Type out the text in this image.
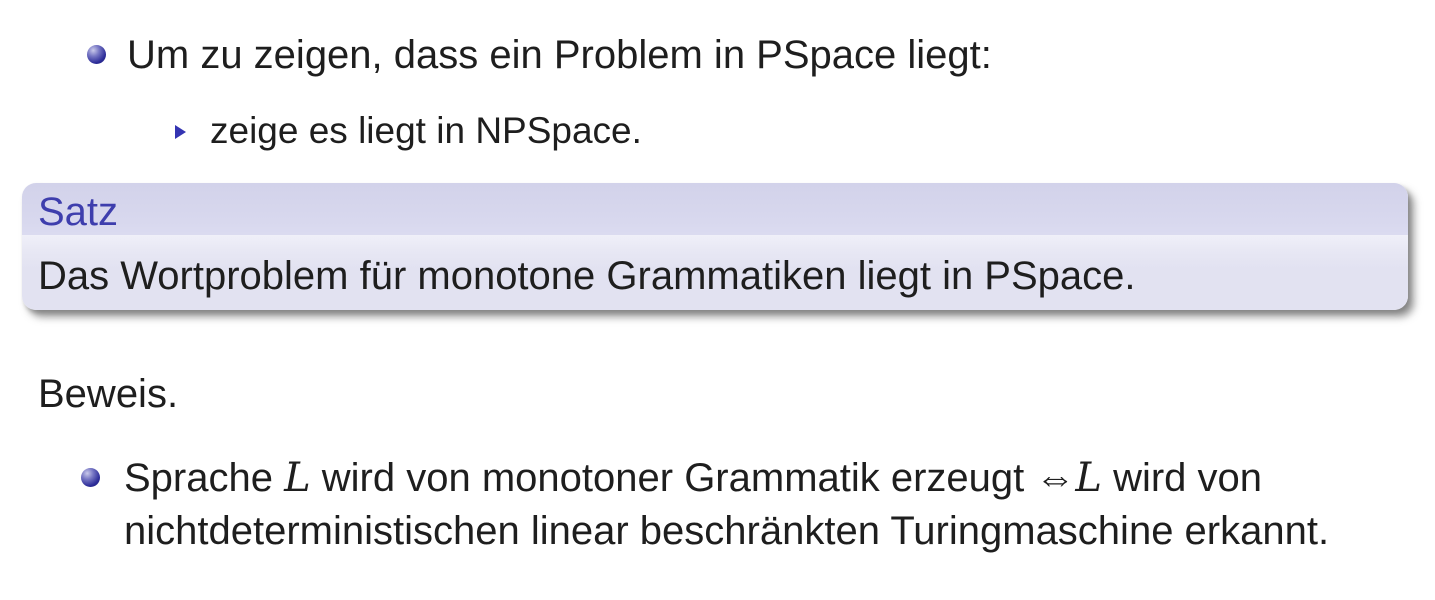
Um zu zeigen, dass ein Problem in PSpace liegt:
zeige es liegt in NPSpace.
Satz
Das Wortproblem für monotone Grammatiken liegt in PSpace.
Beweis.
Sprache L wird von monotoner Grammatik erzeugt ⇔L wird von
nichtdeterministischen linear beschränkten Turingmaschine erkannt.
